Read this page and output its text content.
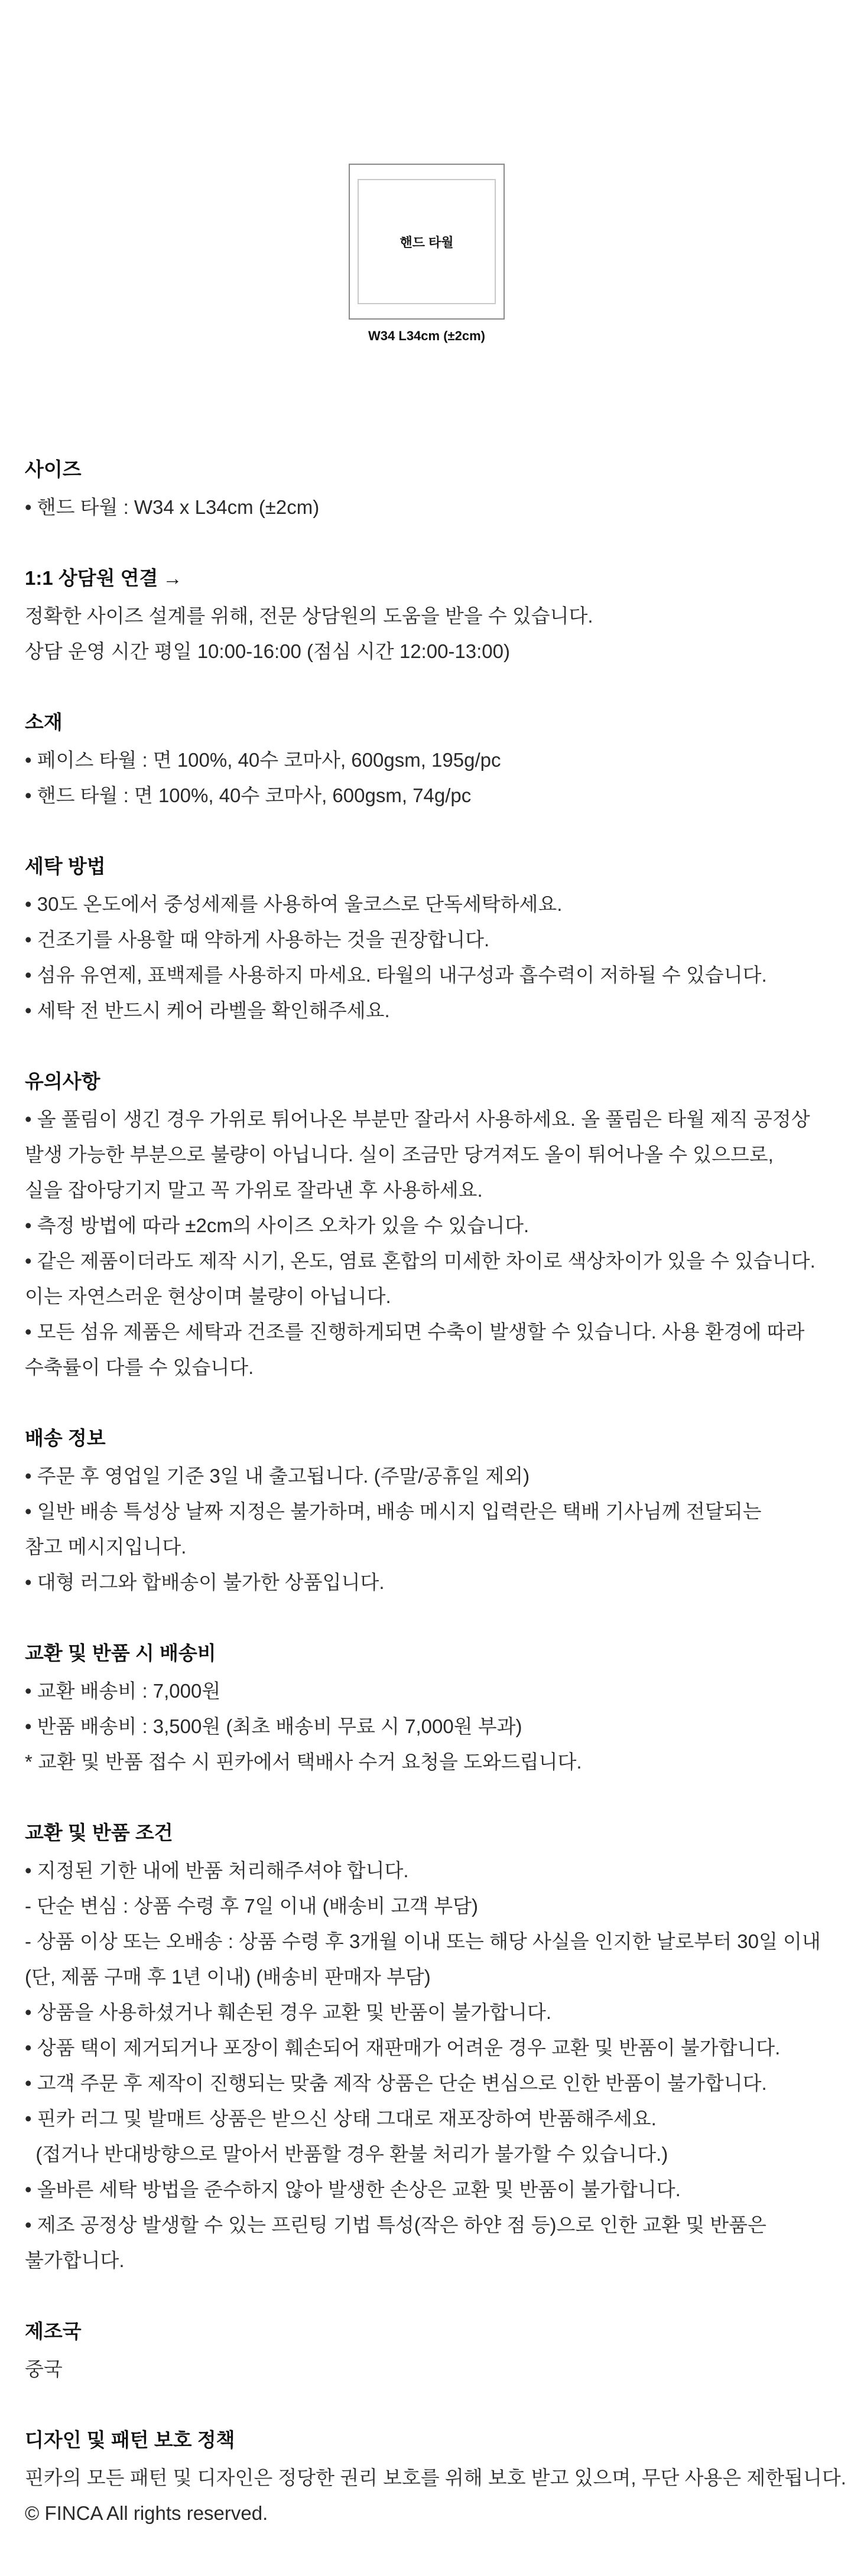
핸드 타월
W34 L34cm (±2cm)
사이즈
• 핸드 타월 : W34 x L34cm (±2cm)
1:1 상담원 연결 →
정확한 사이즈 설계를 위해, 전문 상담원의 도움을 받을 수 있습니다.
상담 운영 시간 평일 10:00-16:00 (점심 시간 12:00-13:00)
소재
• 페이스 타월 : 면 100%, 40수 코마사, 600gsm, 195g/pc
• 핸드 타월 : 면 100%, 40수 코마사, 600gsm, 74g/pc
세탁 방법
• 30도 온도에서 중성세제를 사용하여 울코스로 단독세탁하세요.
• 건조기를 사용할 때 약하게 사용하는 것을 권장합니다.
• 섬유 유연제, 표백제를 사용하지 마세요. 타월의 내구성과 흡수력이 저하될 수 있습니다.
• 세탁 전 반드시 케어 라벨을 확인해주세요.
유의사항
• 올 풀림이 생긴 경우 가위로 튀어나온 부분만 잘라서 사용하세요. 올 풀림은 타월 제직 공정상
발생 가능한 부분으로 불량이 아닙니다. 실이 조금만 당겨져도 올이 튀어나올 수 있으므로,
실을 잡아당기지 말고 꼭 가위로 잘라낸 후 사용하세요.
• 측정 방법에 따라 ±2cm의 사이즈 오차가 있을 수 있습니다.
• 같은 제품이더라도 제작 시기, 온도, 염료 혼합의 미세한 차이로 색상차이가 있을 수 있습니다.
이는 자연스러운 현상이며 불량이 아닙니다.
• 모든 섬유 제품은 세탁과 건조를 진행하게되면 수축이 발생할 수 있습니다. 사용 환경에 따라
수축률이 다를 수 있습니다.
배송 정보
• 주문 후 영업일 기준 3일 내 출고됩니다. (주말/공휴일 제외)
• 일반 배송 특성상 날짜 지정은 불가하며, 배송 메시지 입력란은 택배 기사님께 전달되는
참고 메시지입니다.
• 대형 러그와 합배송이 불가한 상품입니다.
교환 및 반품 시 배송비
• 교환 배송비 : 7,000원
• 반품 배송비 : 3,500원 (최초 배송비 무료 시 7,000원 부과)
* 교환 및 반품 접수 시 핀카에서 택배사 수거 요청을 도와드립니다.
교환 및 반품 조건
• 지정된 기한 내에 반품 처리해주셔야 합니다.
- 단순 변심 : 상품 수령 후 7일 이내 (배송비 고객 부담)
- 상품 이상 또는 오배송 : 상품 수령 후 3개월 이내 또는 해당 사실을 인지한 날로부터 30일 이내
(단, 제품 구매 후 1년 이내) (배송비 판매자 부담)
• 상품을 사용하셨거나 훼손된 경우 교환 및 반품이 불가합니다.
• 상품 택이 제거되거나 포장이 훼손되어 재판매가 어려운 경우 교환 및 반품이 불가합니다.
• 고객 주문 후 제작이 진행되는 맞춤 제작 상품은 단순 변심으로 인한 반품이 불가합니다.
• 핀카 러그 및 발매트 상품은 받으신 상태 그대로 재포장하여 반품해주세요.
(접거나 반대방향으로 말아서 반품할 경우 환불 처리가 불가할 수 있습니다.)
• 올바른 세탁 방법을 준수하지 않아 발생한 손상은 교환 및 반품이 불가합니다.
• 제조 공정상 발생할 수 있는 프린팅 기법 특성(작은 하얀 점 등)으로 인한 교환 및 반품은
불가합니다.
제조국
중국
디자인 및 패턴 보호 정책
핀카의 모든 패턴 및 디자인은 정당한 권리 보호를 위해 보호 받고 있으며, 무단 사용은 제한됩니다.
© FINCA All rights reserved.
